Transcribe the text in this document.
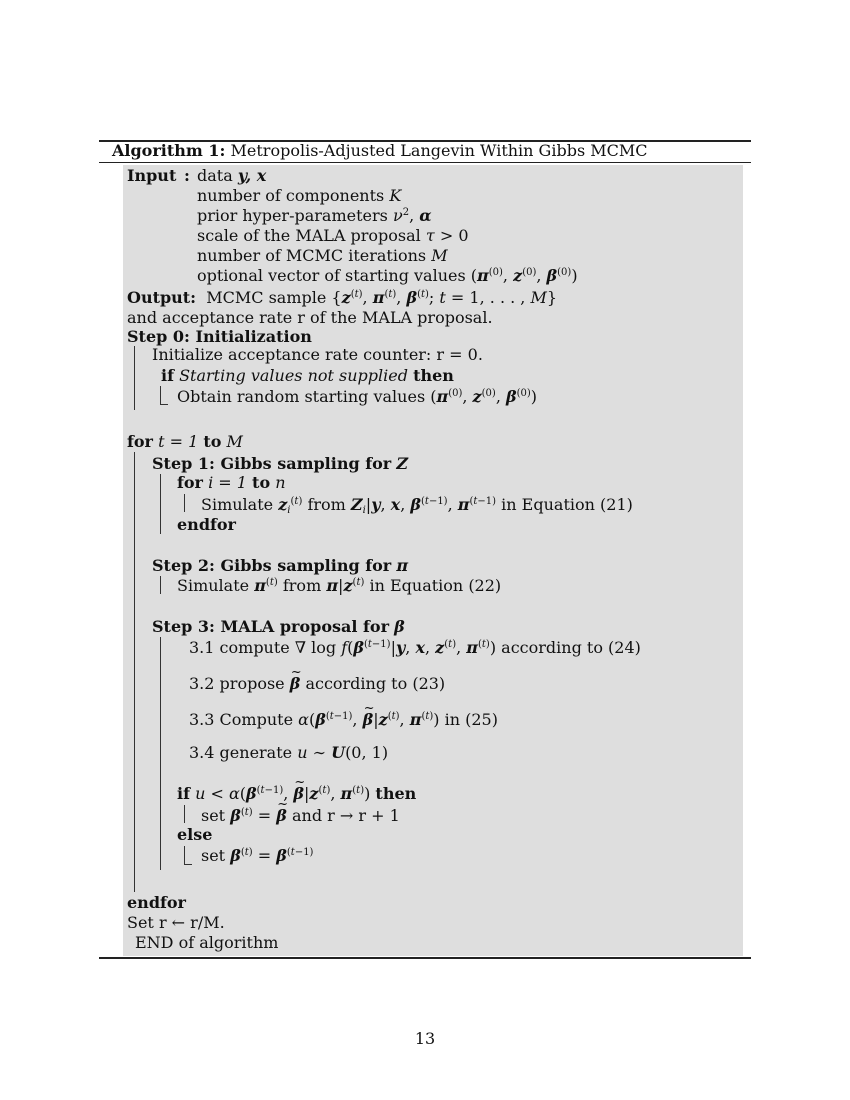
Algorithm 1: Metropolis-Adjusted Langevin Within Gibbs MCMC
Input : data y, x
number of components K
prior hyper-parameters $\nu^2$, α
scale of the MALA proposal τ > 0
number of MCMC iterations M
optional vector of starting values ($\pi^{(0)}$, $z^{(0)}$, $\beta^{(0)}$)
Output: MCMC sample {$z^{(t)}$, $\pi^{(t)}$, $\beta^{(t)}$; t = 1, . . . , M}
and acceptance rate r of the MALA proposal.
Step 0: Initialization
Initialize acceptance rate counter: r = 0.
if Starting values not supplied then
Obtain random starting values ($\pi^{(0)}$, $z^{(0)}$, $\beta^{(0)}$)
for t = 1 to M
Step 1: Gibbs sampling for Z
for i = 1 to n
Simulate $z_i^{(t)}$ from $Z_i|y$, x, $\beta^{(t-1)}$, $\pi^{(t-1)}$ in Equation (21)
endfor
Step 2: Gibbs sampling for π
Simulate $\pi^{(t)}$ from $\pi|z^{(t)}$ in Equation (22)
Step 3: MALA proposal for β
3.1 compute ∇ $\log f(\beta^{(t-1)}|y$, x, $z^{(t)}$, $\pi^{(t)}$) according to (24)
3.2 propose ~ β according to (23)
3.3 Compute $\alpha(\beta^{(t-1)}$, ~ $\beta|z^{(t)}$, $\pi^{(t)}$) in (25)
3.4 generate u ∼ U(0, 1)
if $u < \alpha(\beta^{(t-1)}$, ~ $\beta|z^{(t)}$, $\pi^{(t)}$) then
set $\beta^{(t)}$ = ~ β and r → r + 1
else
set $\beta^{(t)} = \beta^{(t-1)}$
endfor
Set r ← r/M.
END of algorithm
13
